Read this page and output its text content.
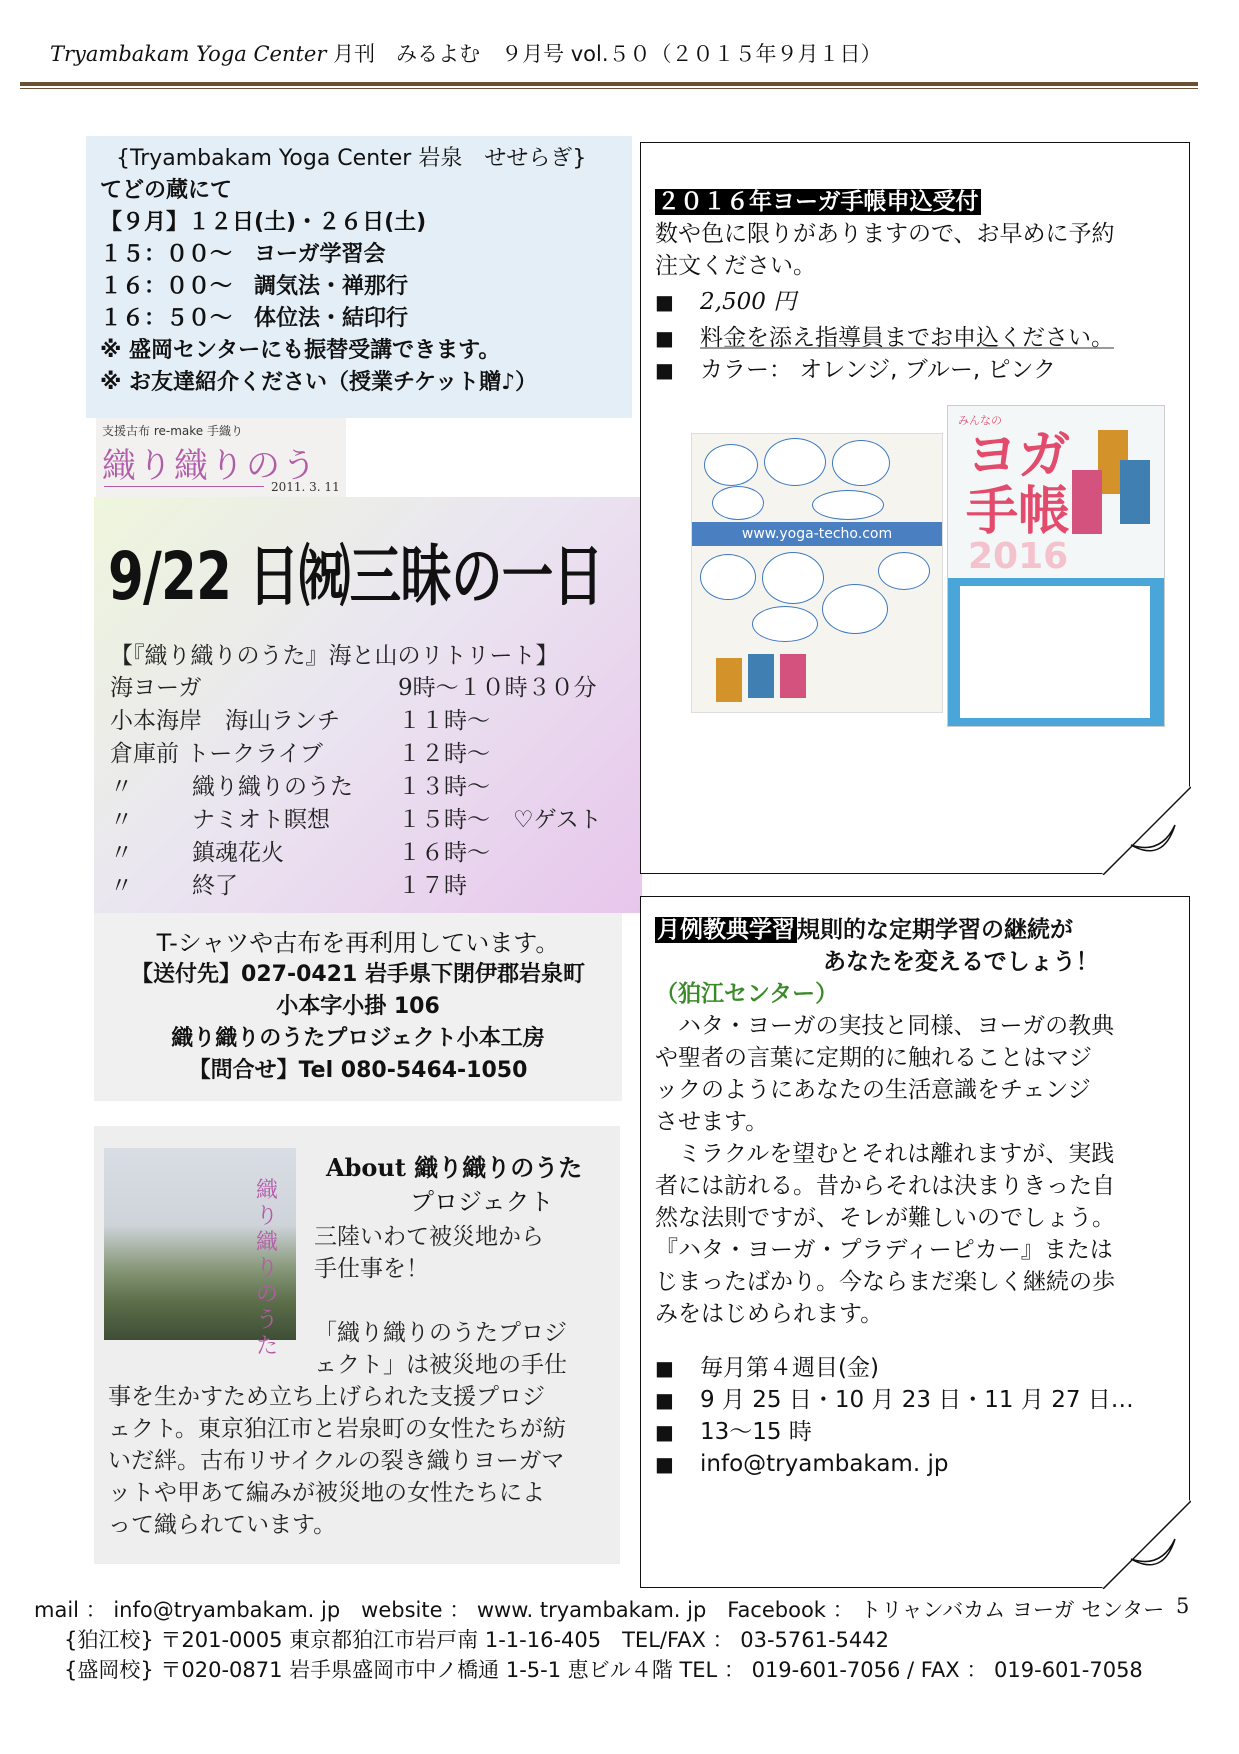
Tryambakam Yoga Center 月刊　みるよむ　９月号 vol.５０（２０１５年９月１日）
{Tryambakam Yoga Center 岩泉　せせらぎ}
てどの蔵にて
【９月】１２日(土)・２６日(土)
１５：００～　ヨーガ学習会
１６：００～　調気法・禅那行
１６：５０～　体位法・結印行
※ 盛岡センターにも振替受講できます。
※ お友達紹介ください（授業チケット贈♪）
支援古布 re-make 手織り
織り織りのう
2011. 3. 11
9/22 日㈷三昧の一日
【『織り織りのうた』海と山のリトリート】
海ヨーガ	9時～１０時３０分
小本海岸　海山ランチ	１１時～
倉庫前 トークライブ	１２時～
〃	織り織りのうた １３時～
〃	ナミオト瞑想	１５時～　♡ゲスト
〃	鎮魂花火	１６時～
〃	終了	１７時
T-シャツや古布を再利用しています。
【送付先】027-0421 岩手県下閉伊郡岩泉町
小本字小掛 106
織り織りのうたプロジェクト小本工房
【問合せ】Tel 080-5464-1050
織り織りのうた
About 織り織りのうた
プロジェクト
三陸いわて被災地から
手仕事を！
「織り織りのうたプロジ
ェクト」は被災地の手仕
事を生かすため立ち上げられた支援プロジ
ェクト。東京狛江市と岩泉町の女性たちが紡
いだ絆。古布リサイクルの裂き織りヨーガマ
ットや甲あて編みが被災地の女性たちによ
って織られています。
２０１６年ヨーガ手帳申込受付
数や色に限りがありますので、お早めに予約
注文ください。
■　 2,500 円
■　 料金を添え指導員までお申込ください。
■　 カラー： オレンジ, ブルー, ピンク
www.yoga-techo.com
みんなの
ヨガ
手帳
2016
月例教典学習規則的な定期学習の継続が
あなたを変えるでしょう！
（狛江センター）
　ハタ・ヨーガの実技と同様、ヨーガの教典
や聖者の言葉に定期的に触れることはマジ
ックのようにあなたの生活意識をチェンジ
させます。
　ミラクルを望むとそれは離れますが、実践
者には訪れる。昔からそれは決まりきった自
然な法則ですが、そレが難しいのでしょう。
『ハタ・ヨーガ・プラディーピカー』または
じまったばかり。今ならまだ楽しく継続の歩
みをはじめられます。
■　 毎月第４週目(金)
■　 9 月 25 日・10 月 23 日・11 月 27 日…
■　 13～15 時
■　 info@tryambakam. jp
mail ： info@tryambakam. jp　website ： www. tryambakam. jp　Facebook ： トリャンバカム ヨーガ センター 5
{狛江校} 〒201-0005 東京都狛江市岩戸南 1-1-16-405　TEL/FAX ： 03-5761-5442
{盛岡校} 〒020-0871 岩手県盛岡市中ノ橋通 1-5-1 恵ビル４階 TEL ： 019-601-7056 / FAX ： 019-601-7058
